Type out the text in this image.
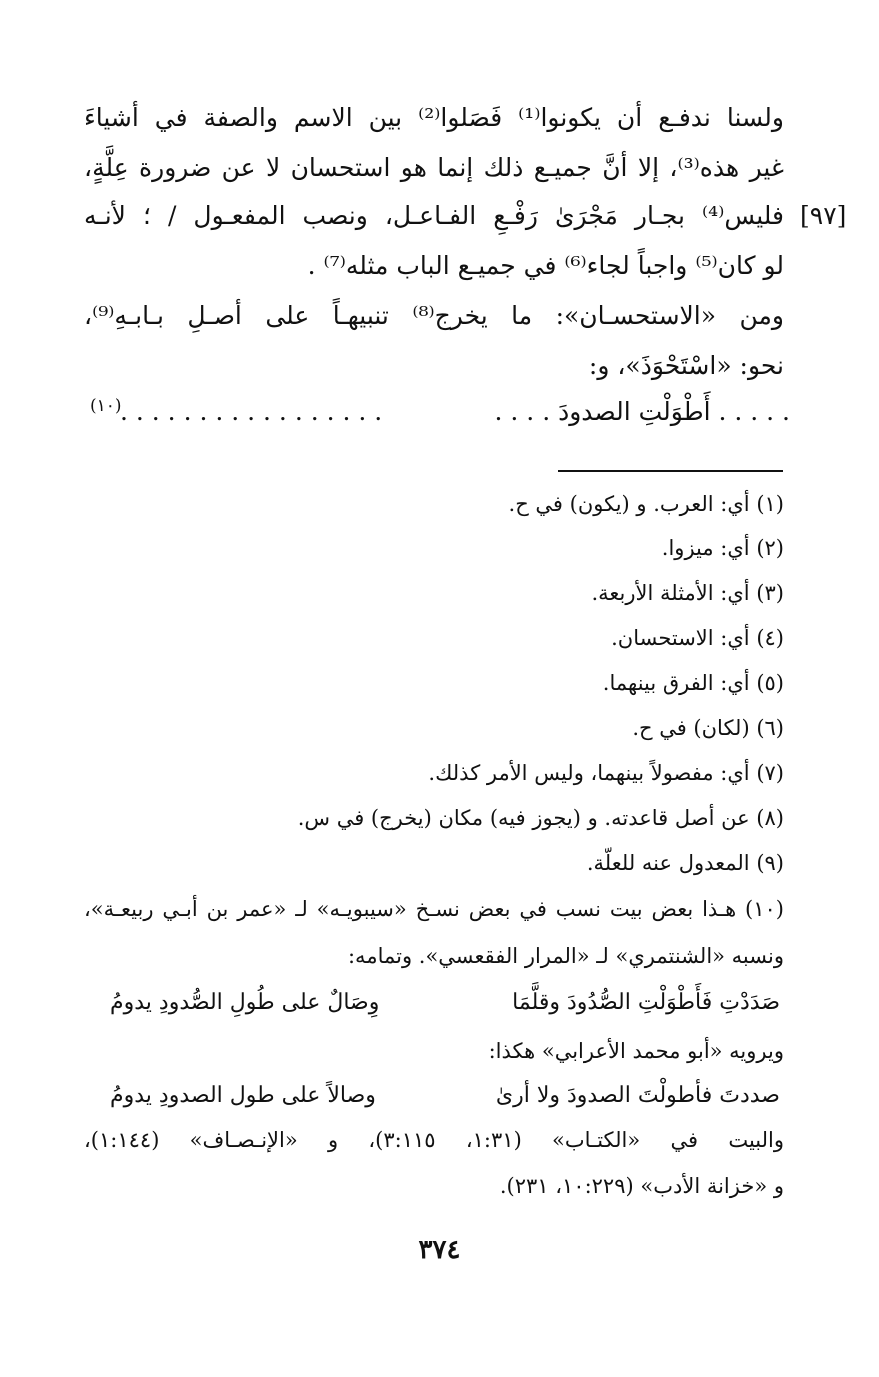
[٩٧]
ولسنا ندفـع أن يكونوا⁽¹⁾ فَصَلوا⁽²⁾ بين الاسم والصفة في أشياءَ
غير هذه⁽³⁾، إلا أنَّ جميـع ذلك إنما هو استحسان لا عن ضرورة عِلَّةٍ،
فليس⁽⁴⁾ بجـار مَجْرَىٰ رَفْـعِ الفـاعـل، ونصب المفعـول / ؛ لأنـه
لو كان⁽⁵⁾ واجباً لجاء⁽⁶⁾ في جميـع الباب مثله⁽⁷⁾ .
ومن «الاستحسـان»: ما يخرج⁽⁸⁾ تنبيهـاً على أصـلِ بـابـهِ⁽⁹⁾،
نحو: «اسْتَحْوَذَ»، و:
. . . . . أَطْوَلْتِ الصدودَ . . . .
. . . . . . . . . . . . . . . . .
(١٠)
(١) أي: العرب. و (يكون) في ح.
(٢) أي: ميزوا.
(٣) أي: الأمثلة الأربعة.
(٤) أي: الاستحسان.
(٥) أي: الفرق بينهما.
(٦) (لكان) في ح.
(٧) أي: مفصولاً بينهما، وليس الأمر كذلك.
(٨) عن أصل قاعدته. و (يجوز فيه) مكان (يخرج) في س.
(٩) المعدول عنه للعلّة.
(١٠) هـذا بعض بيت نسب في بعض نسـخ «سيبويـه» لـ «عمر بن أبـي ربيعـة»،
ونسبه «الشنتمري» لـ «المرار الفقعسي». وتمامه:
صَدَدْتِ فَأَطْوَلْتِ الصُّدُودَ وقلَّمَا
وِصَالٌ على طُولِ الصُّدودِ يدومُ
ويرويه «أبو محمد الأعرابي» هكذا:
صددتَ فأطولْتَ الصدودَ ولا أرىٰ
وصالاً على طول الصدودِ يدومُ
والبيت في «الكتـاب» (١:٣١، ٣:١١٥)، و «الإنـصـاف» (١:١٤٤)،
و «خزانة الأدب» (١٠:٢٢٩، ٢٣١).
٣٧٤
